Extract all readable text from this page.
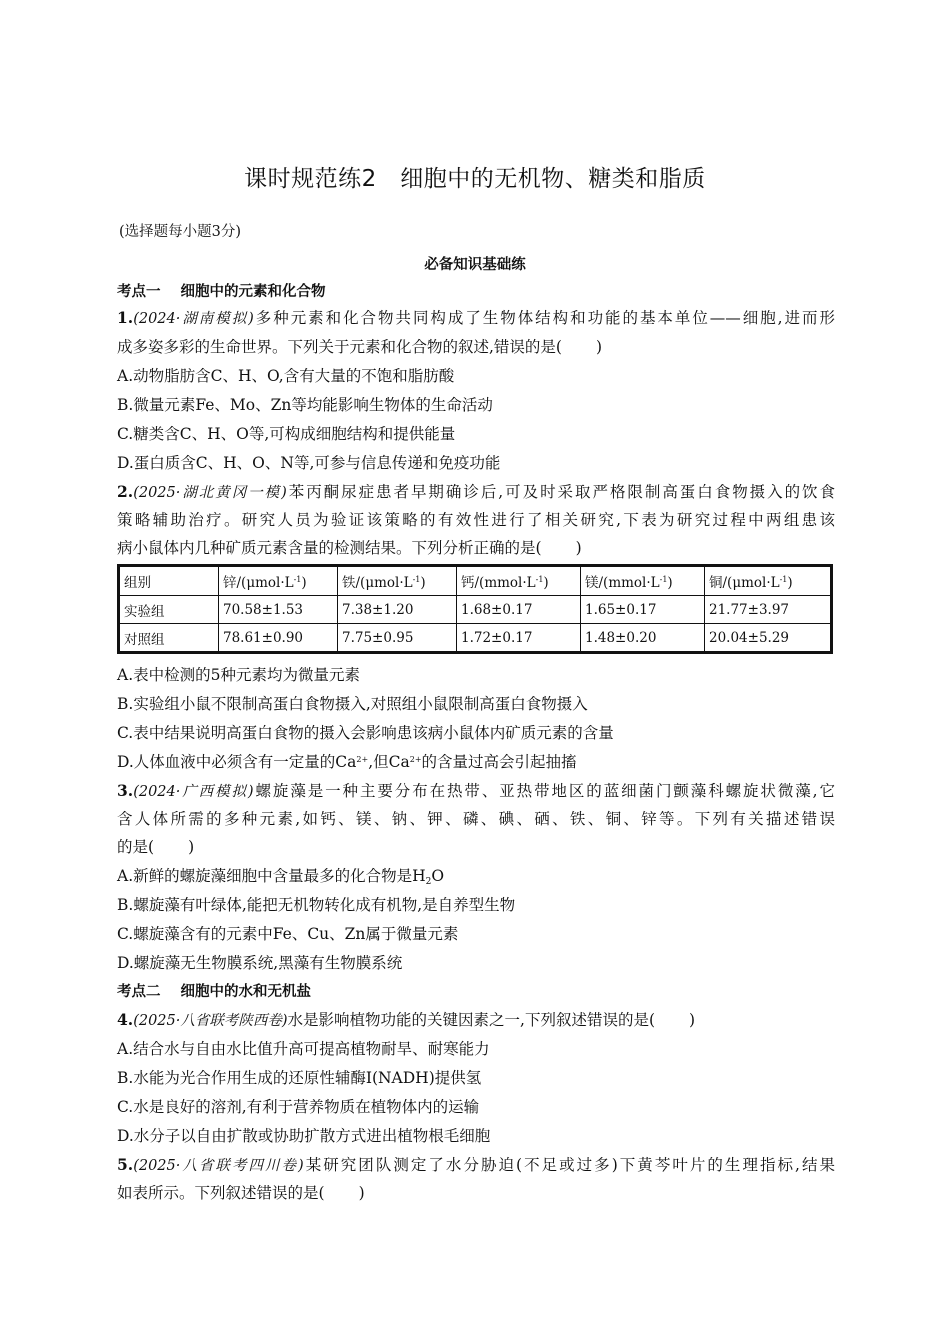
课时规范练2　细胞中的无机物、糖类和脂质
(选择题每小题3分)
必备知识基础练
考点一 细胞中的元素和化合物
1.(2024·湖南模拟)多种元素和化合物共同构成了生物体结构和功能的基本单位——细胞,进而形
成多姿多彩的生命世界。下列关于元素和化合物的叙述,错误的是( )
A.动物脂肪含C、H、O,含有大量的不饱和脂肪酸
B.微量元素Fe、Mo、Zn等均能影响生物体的生命活动
C.糖类含C、H、O等,可构成细胞结构和提供能量
D.蛋白质含C、H、O、N等,可参与信息传递和免疫功能
2.(2025·湖北黄冈一模)苯丙酮尿症患者早期确诊后,可及时采取严格限制高蛋白食物摄入的饮食
策略辅助治疗。研究人员为验证该策略的有效性进行了相关研究,下表为研究过程中两组患该
病小鼠体内几种矿质元素含量的检测结果。下列分析正确的是( )
组别	锌$/(\mu mol\cdot L^{-1})$	铁$/(\mu mol\cdot L^{-1})$	钙$/(mmol\cdot L^{-1})$	镁$/(mmol\cdot L^{-1})$	铜$/(\mu mol\cdot L^{-1})$
实验组	70.58±1.53	7.38±1.20	1.68±0.17	1.65±0.17	21.77±3.97
对照组	78.61±0.90	7.75±0.95	1.72±0.17	1.48±0.20	20.04±5.29
A.表中检测的5种元素均为微量元素
B.实验组小鼠不限制高蛋白食物摄入,对照组小鼠限制高蛋白食物摄入
C.表中结果说明高蛋白食物的摄入会影响患该病小鼠体内矿质元素的含量
D.人体血液中必须含有一定量的$Ca^{2+}$,但$Ca^{2+}$的含量过高会引起抽搐
3.(2024·广西模拟)螺旋藻是一种主要分布在热带、亚热带地区的蓝细菌门颤藻科螺旋状微藻,它
含人体所需的多种元素,如钙、镁、钠、钾、磷、碘、硒、铁、铜、锌等。下列有关描述错误
的是( )
A.新鲜的螺旋藻细胞中含量最多的化合物是$H_2O$
B.螺旋藻有叶绿体,能把无机物转化成有机物,是自养型生物
C.螺旋藻含有的元素中Fe、Cu、Zn属于微量元素
D.螺旋藻无生物膜系统,黑藻有生物膜系统
考点二 细胞中的水和无机盐
4.(2025·八省联考陕西卷)水是影响植物功能的关键因素之一,下列叙述错误的是( )
A.结合水与自由水比值升高可提高植物耐旱、耐寒能力
B.水能为光合作用生成的还原性辅酶Ⅰ(NADH)提供氢
C.水是良好的溶剂,有利于营养物质在植物体内的运输
D.水分子以自由扩散或协助扩散方式进出植物根毛细胞
5.(2025·八省联考四川卷)某研究团队测定了水分胁迫(不足或过多)下黄芩叶片的生理指标,结果
如表所示。下列叙述错误的是( )
